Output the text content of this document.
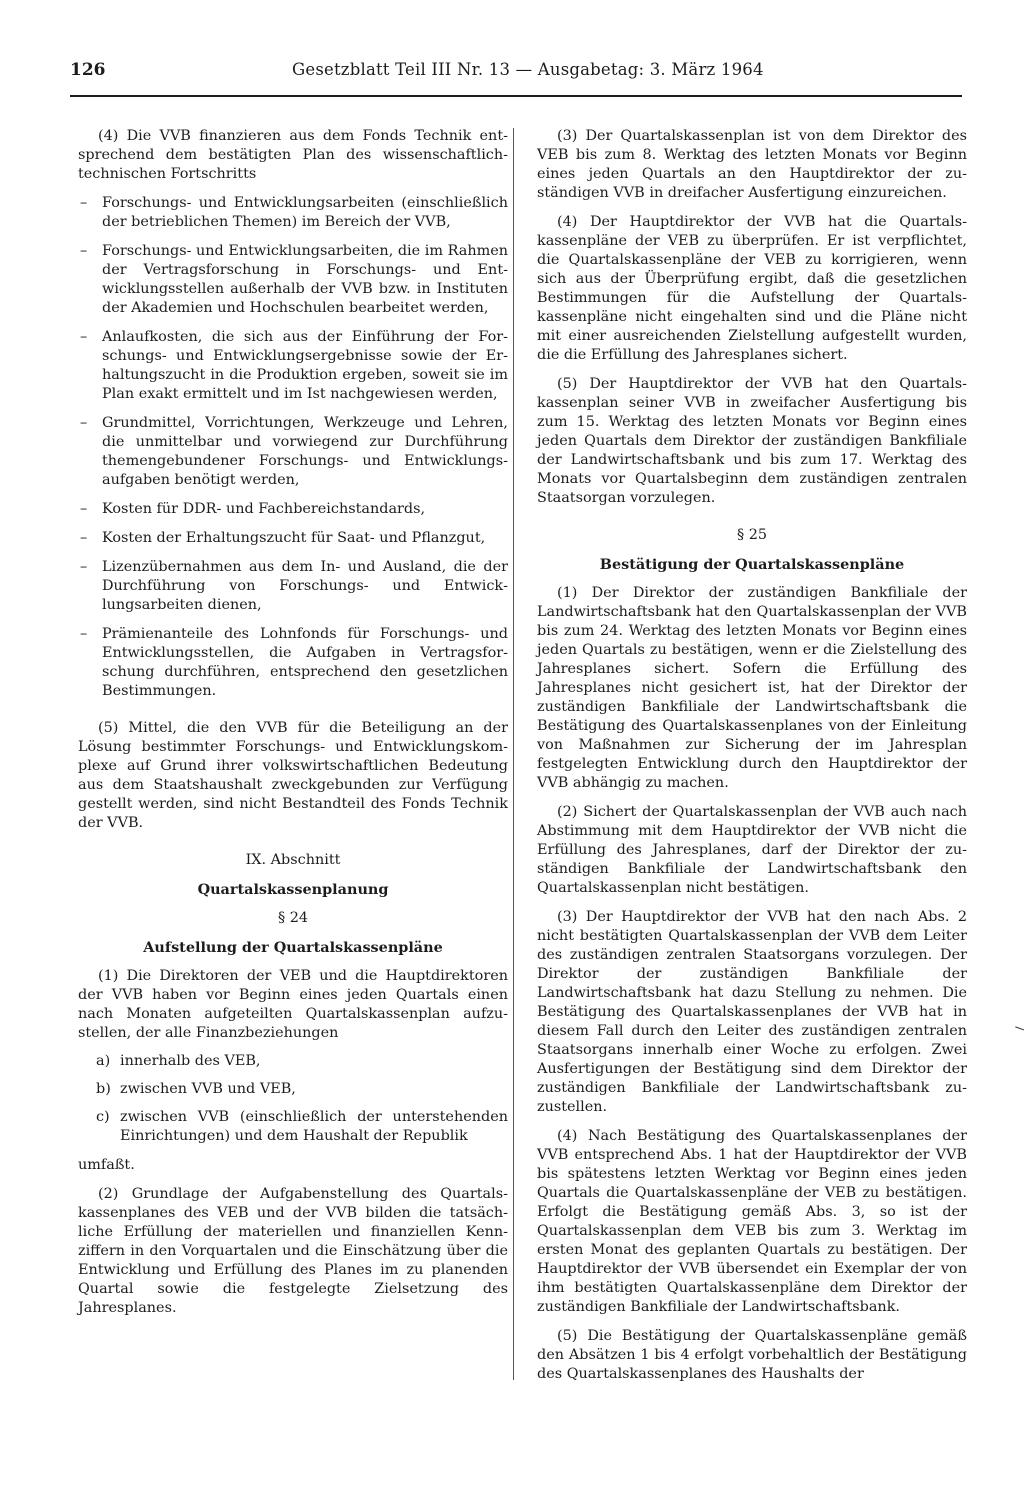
126	Gesetzblatt Teil III Nr. 13 — Ausgabetag: 3. März 1964

(4) Die VVB finanzieren aus dem Fonds Technik entsprechend dem bestätigten Plan des wissenschaftlich-technischen Fortschritts

– Forschungs- und Entwicklungsarbeiten (einschließlich der betrieblichen Themen) im Bereich der VVB,
– Forschungs- und Entwicklungsarbeiten, die im Rahmen der Vertragsforschung in Forschungs- und Entwicklungsstellen außerhalb der VVB bzw. in Instituten der Akademien und Hochschulen bearbeitet werden,
– Anlaufkosten, die sich aus der Einführung der Forschungs- und Entwicklungsergebnisse sowie der Erhaltungszucht in die Produktion ergeben, soweit sie im Plan exakt ermittelt und im Ist nachgewiesen werden,
– Grundmittel, Vorrichtungen, Werkzeuge und Lehren, die unmittelbar und vorwiegend zur Durchführung themengebundener Forschungs- und Entwicklungsaufgaben benötigt werden,
– Kosten für DDR- und Fachbereichstandards,
– Kosten der Erhaltungszucht für Saat- und Pflanzgut,
– Lizenzübernahmen aus dem In- und Ausland, die der Durchführung von Forschungs- und Entwicklungsarbeiten dienen,
– Prämienanteile des Lohnfonds für Forschungs- und Entwicklungsstellen, die Aufgaben in Vertragsforschung durchführen, entsprechend den gesetzlichen Bestimmungen.

(5) Mittel, die den VVB für die Beteiligung an der Lösung bestimmter Forschungs- und Entwicklungskomplexe auf Grund ihrer volkswirtschaftlichen Bedeutung aus dem Staatshaushalt zweckgebunden zur Verfügung gestellt werden, sind nicht Bestandteil des Fonds Technik der VVB.

IX. Abschnitt

Quartalskassenplanung

§ 24

Aufstellung der Quartalskassenpläne

(1) Die Direktoren der VEB und die Hauptdirektoren der VVB haben vor Beginn eines jeden Quartals einen nach Monaten aufgeteilten Quartalskassenplan aufzustellen, der alle Finanzbeziehungen

a) innerhalb des VEB,
b) zwischen VVB und VEB,
c) zwischen VVB (einschließlich der unterstehenden Einrichtungen) und dem Haushalt der Republik

umfaßt.

(2) Grundlage der Aufgabenstellung des Quartalskassenplanes des VEB und der VVB bilden die tatsächliche Erfüllung der materiellen und finanziellen Kennziffern in den Vorquartalen und die Einschätzung über die Entwicklung und Erfüllung des Planes im zu planenden Quartal sowie die festgelegte Zielsetzung des Jahresplanes.

(3) Der Quartalskassenplan ist von dem Direktor des VEB bis zum 8. Werktag des letzten Monats vor Beginn eines jeden Quartals an den Hauptdirektor der zuständigen VVB in dreifacher Ausfertigung einzureichen.

(4) Der Hauptdirektor der VVB hat die Quartalskassenpläne der VEB zu überprüfen. Er ist verpflichtet, die Quartalskassenpläne der VEB zu korrigieren, wenn sich aus der Überprüfung ergibt, daß die gesetzlichen Bestimmungen für die Aufstellung der Quartalskassenpläne nicht eingehalten sind und die Pläne nicht mit einer ausreichenden Zielstellung aufgestellt wurden, die die Erfüllung des Jahresplanes sichert.

(5) Der Hauptdirektor der VVB hat den Quartalskassenplan seiner VVB in zweifacher Ausfertigung bis zum 15. Werktag des letzten Monats vor Beginn eines jeden Quartals dem Direktor der zuständigen Bankfiliale der Landwirtschaftsbank und bis zum 17. Werktag des Monats vor Quartalsbeginn dem zuständigen zentralen Staatsorgan vorzulegen.

§ 25

Bestätigung der Quartalskassenpläne

(1) Der Direktor der zuständigen Bankfiliale der Landwirtschaftsbank hat den Quartalskassenplan der VVB bis zum 24. Werktag des letzten Monats vor Beginn eines jeden Quartals zu bestätigen, wenn er die Zielstellung des Jahresplanes sichert. Sofern die Erfüllung des Jahresplanes nicht gesichert ist, hat der Direktor der zuständigen Bankfiliale der Landwirtschaftsbank die Bestätigung des Quartalskassenplanes von der Einleitung von Maßnahmen zur Sicherung der im Jahresplan festgelegten Entwicklung durch den Hauptdirektor der VVB abhängig zu machen.

(2) Sichert der Quartalskassenplan der VVB auch nach Abstimmung mit dem Hauptdirektor der VVB nicht die Erfüllung des Jahresplanes, darf der Direktor der zuständigen Bankfiliale der Landwirtschaftsbank den Quartalskassenplan nicht bestätigen.

(3) Der Hauptdirektor der VVB hat den nach Abs. 2 nicht bestätigten Quartalskassenplan der VVB dem Leiter des zuständigen zentralen Staatsorgans vorzulegen. Der Direktor der zuständigen Bankfiliale der Landwirtschaftsbank hat dazu Stellung zu nehmen. Die Bestätigung des Quartalskassenplanes der VVB hat in diesem Fall durch den Leiter des zuständigen zentralen Staatsorgans innerhalb einer Woche zu erfolgen. Zwei Ausfertigungen der Bestätigung sind dem Direktor der zuständigen Bankfiliale der Landwirtschaftsbank zuzustellen.

(4) Nach Bestätigung des Quartalskassenplanes der VVB entsprechend Abs. 1 hat der Hauptdirektor der VVB bis spätestens letzten Werktag vor Beginn eines jeden Quartals die Quartalskassenpläne der VEB zu bestätigen. Erfolgt die Bestätigung gemäß Abs. 3, so ist der Quartalskassenplan dem VEB bis zum 3. Werktag im ersten Monat des geplanten Quartals zu bestätigen. Der Hauptdirektor der VVB übersendet ein Exemplar der von ihm bestätigten Quartalskassenpläne dem Direktor der zuständigen Bankfiliale der Landwirtschaftsbank.

(5) Die Bestätigung der Quartalskassenpläne gemäß den Absätzen 1 bis 4 erfolgt vorbehaltlich der Bestätigung des Quartalskassenplanes des Haushalts der
